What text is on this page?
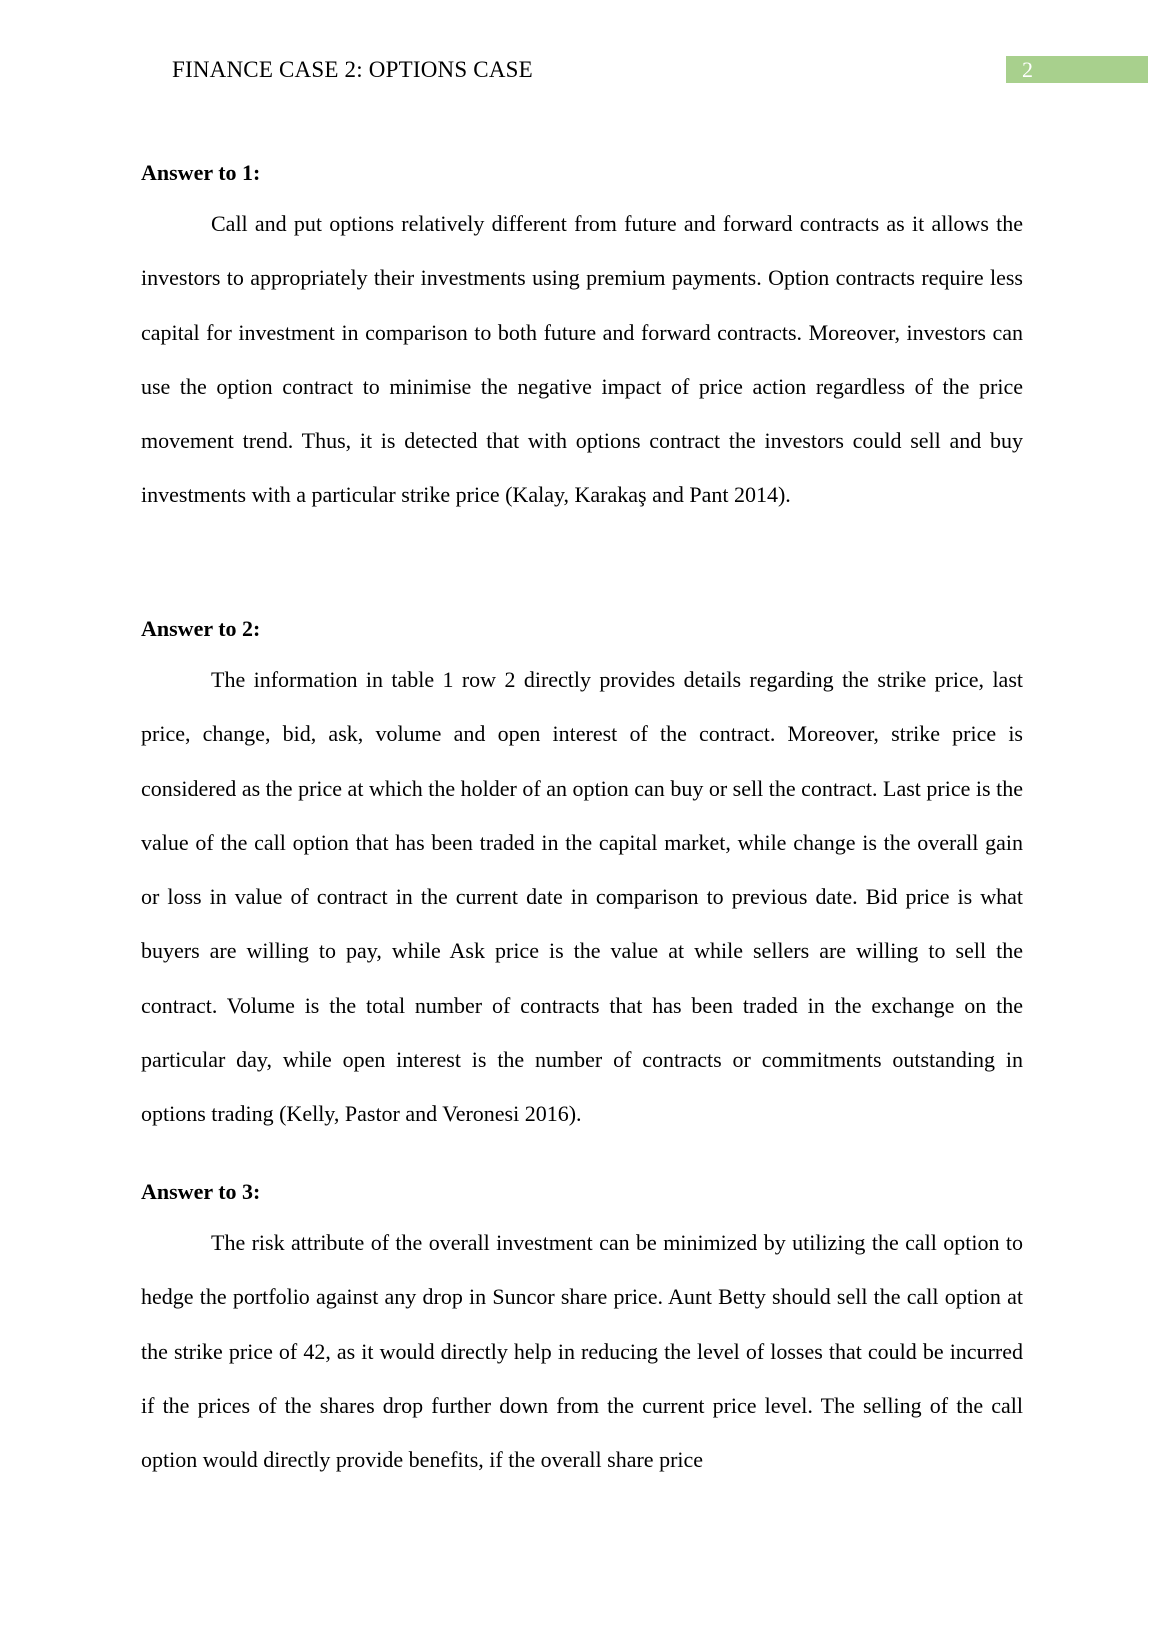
FINANCE CASE 2: OPTIONS CASE	2
Answer to 1:

Call and put options relatively different from future and forward contracts as it allows the investors to appropriately their investments using premium payments. Option contracts require less capital for investment in comparison to both future and forward contracts. Moreover, investors can use the option contract to minimise the negative impact of price action regardless of the price movement trend. Thus, it is detected that with options contract the investors could sell and buy investments with a particular strike price (Kalay, Karakaş and Pant 2014).

Answer to 2:

The information in table 1 row 2 directly provides details regarding the strike price, last price, change, bid, ask, volume and open interest of the contract. Moreover, strike price is considered as the price at which the holder of an option can buy or sell the contract. Last price is the value of the call option that has been traded in the capital market, while change is the overall gain or loss in value of contract in the current date in comparison to previous date. Bid price is what buyers are willing to pay, while Ask price is the value at while sellers are willing to sell the contract. Volume is the total number of contracts that has been traded in the exchange on the particular day, while open interest is the number of contracts or commitments outstanding in options trading (Kelly, Pastor and Veronesi 2016).

Answer to 3:

The risk attribute of the overall investment can be minimized by utilizing the call option to hedge the portfolio against any drop in Suncor share price. Aunt Betty should sell the call option at the strike price of 42, as it would directly help in reducing the level of losses that could be incurred if the prices of the shares drop further down from the current price level. The selling of the call option would directly provide benefits, if the overall share price
